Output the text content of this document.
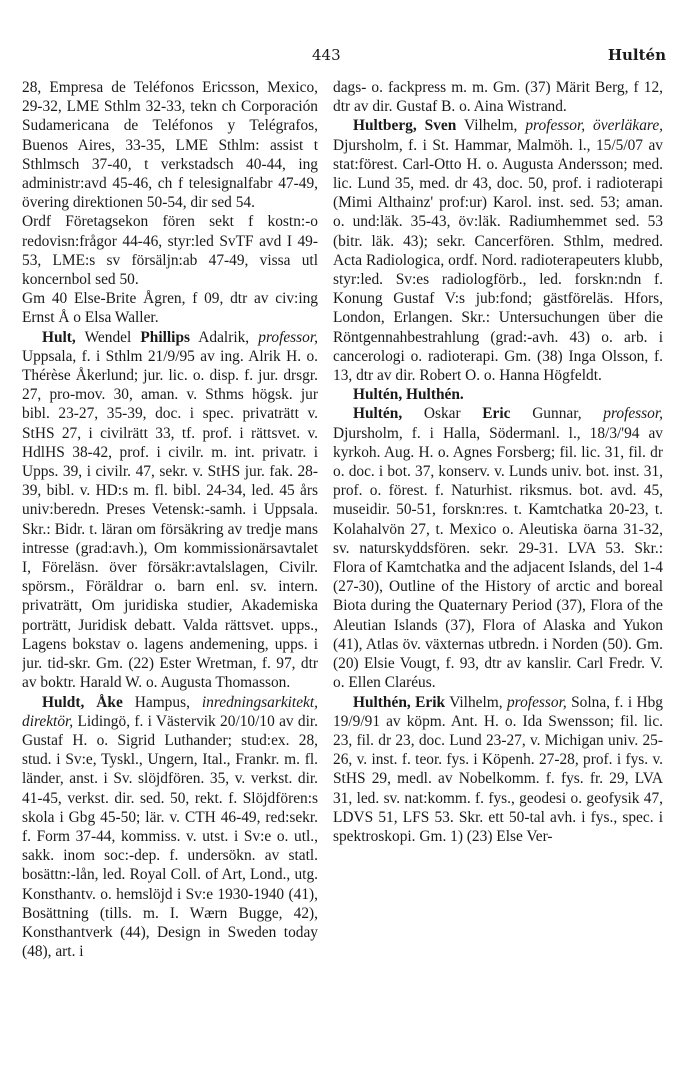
443	Hultén

28, Empresa de Teléfonos Ericsson, Mexico, 29-32, LME Sthlm 32-33, tekn ch Corporación Sudamericana de Teléfonos y Telégrafos, Buenos Aires, 33-35, LME Sthlm: assist t Sthlmsch 37-40, t verkstadsch 40-44, ing administr:avd 45-46, ch f telesignalfabr 47-49, övering direktionen 50-54, dir sed 54.

Ordf Företagsekon fören sekt f kostn:-o redovisn:frågor 44-46, styr:led SvTF avd I 49-53, LME:s sv försäljn:ab 47-49, vissa utl koncernbol sed 50.

Gm 40 Else-Brite Ågren, f 09, dtr av civ:ing Ernst Å o Elsa Waller.

Hult, Wendel Phillips Adalrik, professor, Uppsala, f. i Sthlm 21/9/95 av ing. Alrik H. o. Thérèse Åkerlund; jur. lic. o. disp. f. jur. drsgr. 27, pro-mov. 30, aman. v. Sthms högsk. jur bibl. 23-27, 35-39, doc. i spec. privaträtt v. StHS 27, i civilrätt 33, tf. prof. i rättsvet. v. HdlHS 38-42, prof. i civilr. m. int. privatr. i Upps. 39, i civilr. 47, sekr. v. StHS jur. fak. 28-39, bibl. v. HD:s m. fl. bibl. 24-34, led. 45 års univ:beredn. Preses Vetensk:-samh. i Uppsala. Skr.: Bidr. t. läran om försäkring av tredje mans intresse (grad:avh.), Om kommissionärsavtalet I, Föreläsn. över försäkr:avtalslagen, Civilr. spörsm., Föräldrar o. barn enl. sv. intern. privaträtt, Om juridiska studier, Akademiska porträtt, Juridisk debatt. Valda rättsvet. upps., Lagens bokstav o. lagens andemening, upps. i jur. tid-skr. Gm. (22) Ester Wretman, f. 97, dtr av boktr. Harald W. o. Augusta Thomasson.

Huldt, Åke Hampus, inredningsarkitekt, direktör, Lidingö, f. i Västervik 20/10/10 av dir. Gustaf H. o. Sigrid Luthander; stud:ex. 28, stud. i Sv:e, Tyskl., Ungern, Ital., Frankr. m. fl. länder, anst. i Sv. slöjdfören. 35, v. verkst. dir. 41-45, verkst. dir. sed. 50, rekt. f. Slöjdfören:s skola i Gbg 45-50; lär. v. CTH 46-49, red:sekr. f. Form 37-44, kommiss. v. utst. i Sv:e o. utl., sakk. inom soc:-dep. f. undersökn. av statl. bosättn:-lån, led. Royal Coll. of Art, Lond., utg. Konsthantv. o. hemslöjd i Sv:e 1930-1940 (41), Bosättning (tills. m. I. Wærn Bugge, 42), Konsthantverk (44), Design in Sweden today (48), art. i

dags- o. fackpress m. m. Gm. (37) Märit Berg, f 12, dtr av dir. Gustaf B. o. Aina Wistrand.

Hultberg, Sven Vilhelm, professor, överläkare, Djursholm, f. i St. Hammar, Malmöh. l., 15/5/07 av stat:förest. Carl-Otto H. o. Augusta Andersson; med. lic. Lund 35, med. dr 43, doc. 50, prof. i radioterapi (Mimi Althainz' prof:ur) Karol. inst. sed. 53; aman. o. und:läk. 35-43, öv:läk. Radiumhemmet sed. 53 (bitr. läk. 43); sekr. Cancerfören. Sthlm, medred. Acta Radiologica, ordf. Nord. radioterapeuters klubb, styr:led. Sv:es radiologförb., led. forskn:ndn f. Konung Gustaf V:s jub:fond; gästföreläs. Hfors, London, Erlangen. Skr.: Untersuchungen über die Röntgennahbestrahlung (grad:-avh. 43) o. arb. i cancerologi o. radioterapi. Gm. (38) Inga Olsson, f. 13, dtr av dir. Robert O. o. Hanna Högfeldt.

Hultén, Hulthén.

Hultén, Oskar Eric Gunnar, professor, Djursholm, f. i Halla, Södermanl. l., 18/3/'94 av kyrkoh. Aug. H. o. Agnes Forsberg; fil. lic. 31, fil. dr o. doc. i bot. 37, konserv. v. Lunds univ. bot. inst. 31, prof. o. förest. f. Naturhist. riksmus. bot. avd. 45, museidir. 50-51, forskn:res. t. Kamtchatka 20-23, t. Kolahalvön 27, t. Mexico o. Aleutiska öarna 31-32, sv. naturskyddsfören. sekr. 29-31. LVA 53. Skr.: Flora of Kamtchatka and the adjacent Islands, del 1-4 (27-30), Outline of the History of arctic and boreal Biota during the Quaternary Period (37), Flora of the Aleutian Islands (37), Flora of Alaska and Yukon (41), Atlas öv. växternas utbredn. i Norden (50). Gm. (20) Elsie Vougt, f. 93, dtr av kanslir. Carl Fredr. V. o. Ellen Claréus.

Hulthén, Erik Vilhelm, professor, Solna, f. i Hbg 19/9/91 av köpm. Ant. H. o. Ida Swensson; fil. lic. 23, fil. dr 23, doc. Lund 23-27, v. Michigan univ. 25-26, v. inst. f. teor. fys. i Köpenh. 27-28, prof. i fys. v. StHS 29, medl. av Nobelkomm. f. fys. fr. 29, LVA 31, led. sv. nat:komm. f. fys., geodesi o. geofysik 47, LDVS 51, LFS 53. Skr. ett 50-tal avh. i fys., spec. i spektroskopi. Gm. 1) (23) Else Ver-
